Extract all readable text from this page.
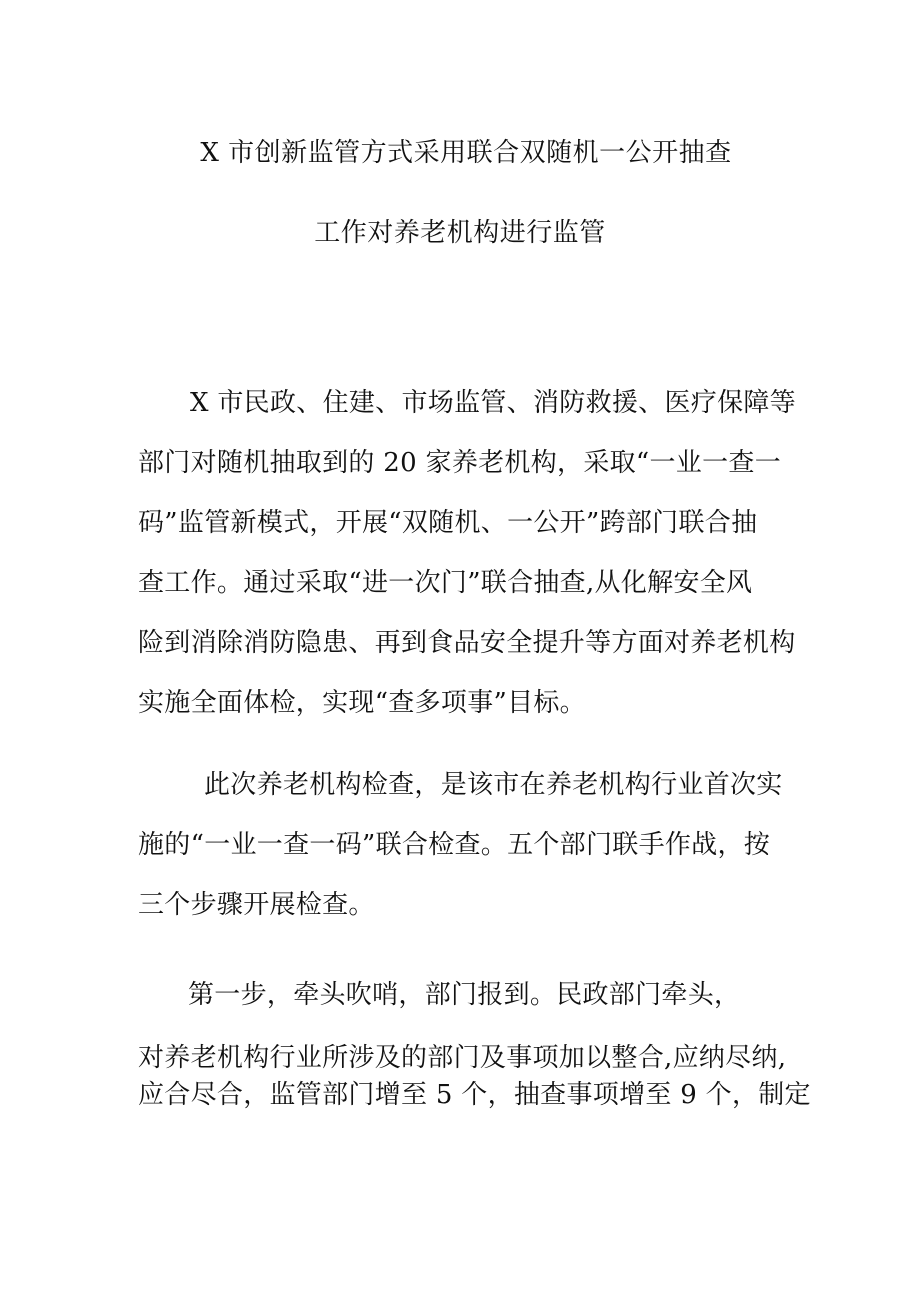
X 市创新监管方式采用联合双随机一公开抽查
工作对养老机构进行监管
X 市民政、住建、市场监管、消防救援、医疗保障等
部门对随机抽取到的 20 家养老机构，采取“一业一查一
码”监管新模式，开展“双随机、一公开”跨部门联合抽
查工作。通过采取“进一次门”联合抽查,从化解安全风
险到消除消防隐患、再到食品安全提升等方面对养老机构
实施全面体检，实现“查多项事”目标。
此次养老机构检查，是该市在养老机构行业首次实
施的“一业一查一码”联合检查。五个部门联手作战，按
三个步骤开展检查。
第一步，牵头吹哨，部门报到。民政部门牵头，
对养老机构行业所涉及的部门及事项加以整合,应纳尽纳,
应合尽合，监管部门增至 5 个，抽查事项增至 9 个，制定
